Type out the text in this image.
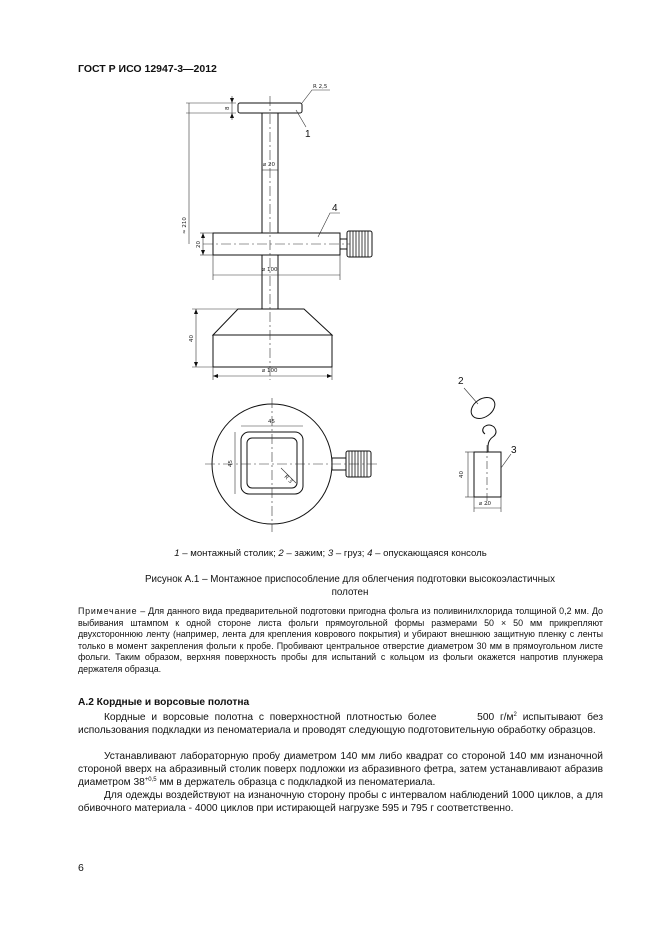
ГОСТ Р ИСО 12947-3—2012
R 2,5
8
⌀ 20
≈ 210
20
⌀ 100
40
⌀ 100
45
45
R 3	40
⌀ 20
1
2
3
4
1 – монтажный столик; 2 – зажим; 3 – груз; 4 – опускающаяся консоль
Рисунок А.1 – Монтажное приспособление для облегчения подготовки высокоэластичных
полотен
Примечание – Для данного вида предварительной подготовки пригодна фольга из поливинилхлорида толщиной 0,2 мм. До выбивания штампом к одной стороне листа фольги прямоугольной формы размерами 50 × 50 мм прикрепляют двухстороннюю ленту (например, лента для крепления коврового покрытия) и убирают внешнюю защитную пленку с ленты только в момент закрепления фольги к пробе. Пробивают центральное отверстие диаметром 30 мм в прямоугольном листе фольги. Таким образом, верхняя поверхность пробы для испытаний с кольцом из фольги окажется напротив плунжера держателя образца.
А.2 Кордные и ворсовые полотна
Кордные и ворсовые полотна с поверхностной плотностью более	500 $г/м^2$ испытывают без использования подкладки из пеноматериала и проводят следующую подготовительную обработку образцов.
Устанавливают лабораторную пробу диаметром 140 мм либо квадрат со стороной 140 мм изнаночной стороной вверх на абразивный столик поверх подложки из абразивного фетра, затем устанавливают абразив диаметром $38^{+0,5}$ мм в держатель образца с подкладкой из пеноматериала.
Для одежды воздействуют на изнаночную сторону пробы с интервалом наблюдений 1000 циклов, а для обивочного материала - 4000 циклов при истирающей нагрузке 595 и 795 г соответственно.
6
